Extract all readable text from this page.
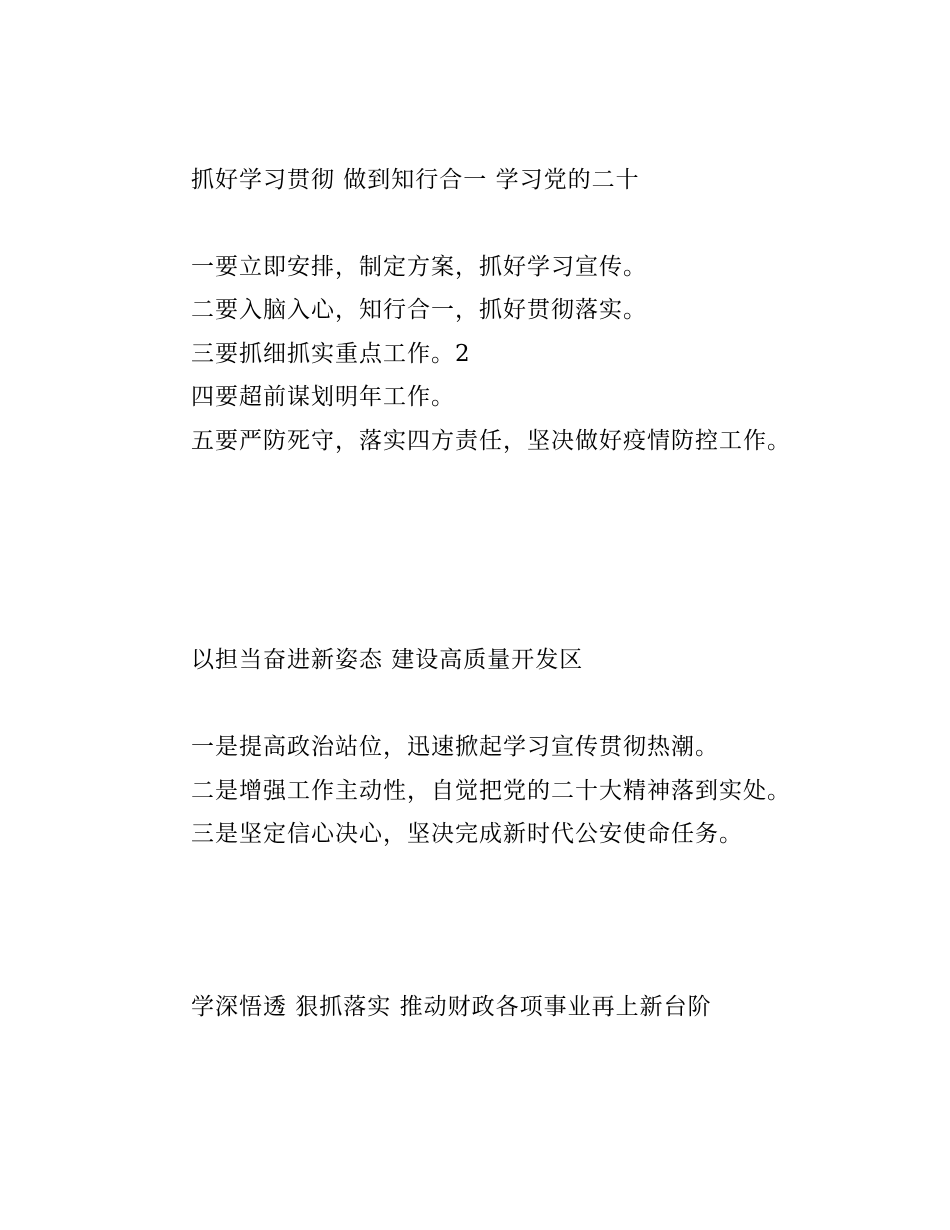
抓好学习贯彻 做到知行合一 学习党的二十
一要立即安排，制定方案，抓好学习宣传。
二要入脑入心，知行合一，抓好贯彻落实。
三要抓细抓实重点工作。2
四要超前谋划明年工作。
五要严防死守，落实四方责任，坚决做好疫情防控工作。
以担当奋进新姿态 建设高质量开发区
一是提高政治站位，迅速掀起学习宣传贯彻热潮。
二是增强工作主动性，自觉把党的二十大精神落到实处。
三是坚定信心决心，坚决完成新时代公安使命任务。
学深悟透 狠抓落实 推动财政各项事业再上新台阶
